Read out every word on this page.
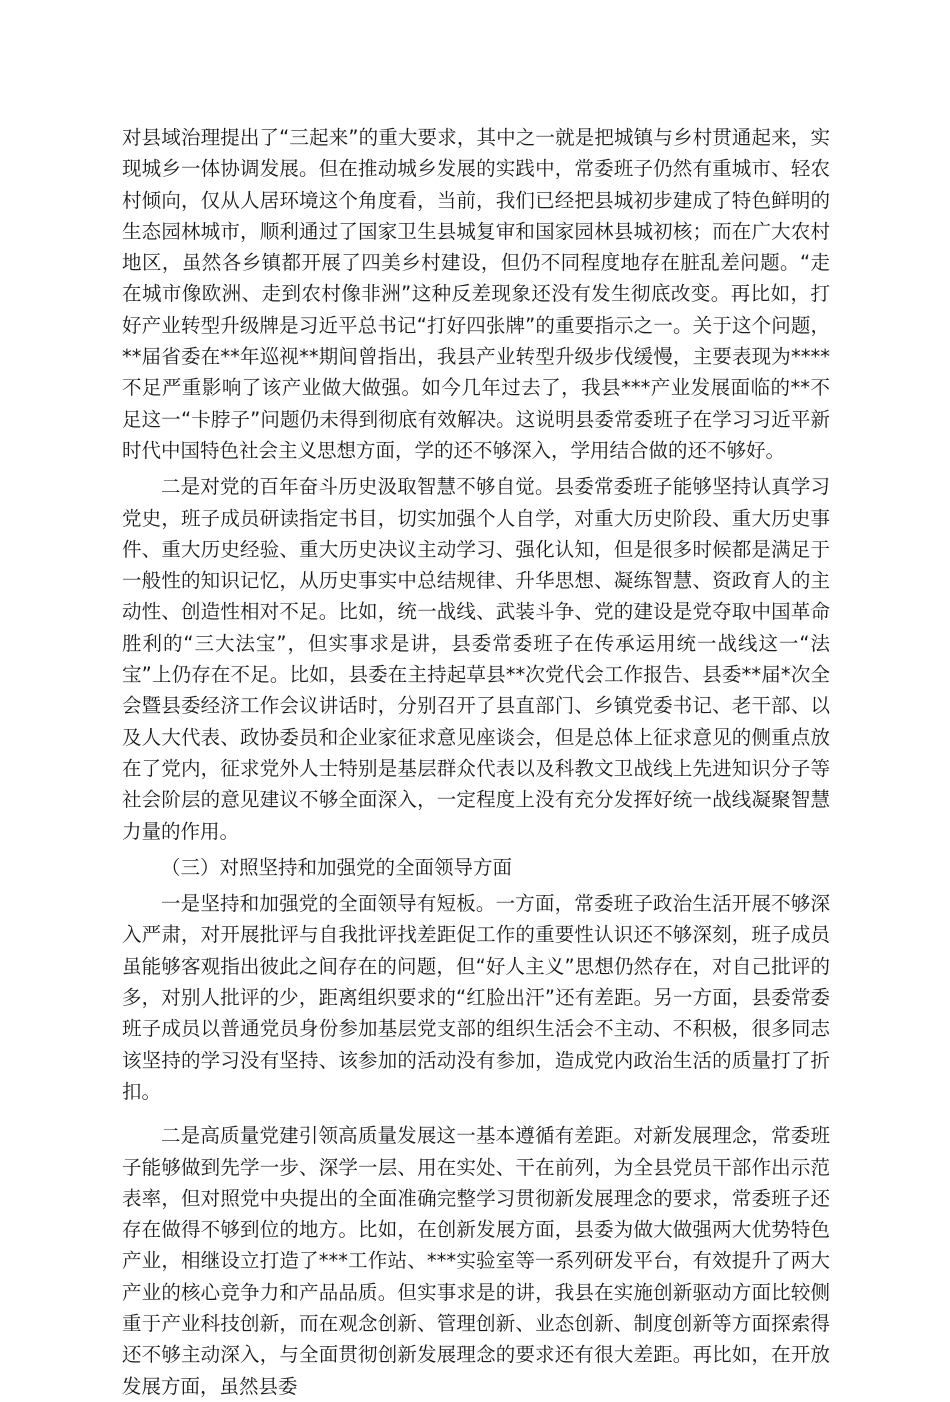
对县域治理提出了“三起来”的重大要求，其中之一就是把城镇与乡村贯通起来，实现城乡一体协调发展。但在推动城乡发展的实践中，常委班子仍然有重城市、轻农村倾向，仅从人居环境这个角度看，当前，我们已经把县城初步建成了特色鲜明的生态园林城市，顺利通过了国家卫生县城复审和国家园林县城初核；而在广大农村地区，虽然各乡镇都开展了四美乡村建设，但仍不同程度地存在脏乱差问题。“走在城市像欧洲、走到农村像非洲”这种反差现象还没有发生彻底改变。再比如，打好产业转型升级牌是习近平总书记“打好四张牌”的重要指示之一。关于这个问题，**届省委在**年巡视**期间曾指出，我县产业转型升级步伐缓慢，主要表现为****不足严重影响了该产业做大做强。如今几年过去了，我县***产业发展面临的**不足这一“卡脖子”问题仍未得到彻底有效解决。这说明县委常委班子在学习习近平新时代中国特色社会主义思想方面，学的还不够深入，学用结合做的还不够好。

二是对党的百年奋斗历史汲取智慧不够自觉。县委常委班子能够坚持认真学习党史，班子成员研读指定书目，切实加强个人自学，对重大历史阶段、重大历史事件、重大历史经验、重大历史决议主动学习、强化认知，但是很多时候都是满足于一般性的知识记忆，从历史事实中总结规律、升华思想、凝练智慧、资政育人的主动性、创造性相对不足。比如，统一战线、武装斗争、党的建设是党夺取中国革命胜利的“三大法宝”，但实事求是讲，县委常委班子在传承运用统一战线这一“法宝”上仍存在不足。比如，县委在主持起草县**次党代会工作报告、县委**届*次全会暨县委经济工作会议讲话时，分别召开了县直部门、乡镇党委书记、老干部、以及人大代表、政协委员和企业家征求意见座谈会，但是总体上征求意见的侧重点放在了党内，征求党外人士特别是基层群众代表以及科教文卫战线上先进知识分子等社会阶层的意见建议不够全面深入，一定程度上没有充分发挥好统一战线凝聚智慧力量的作用。

（三）对照坚持和加强党的全面领导方面

一是坚持和加强党的全面领导有短板。一方面，常委班子政治生活开展不够深入严肃，对开展批评与自我批评找差距促工作的重要性认识还不够深刻，班子成员虽能够客观指出彼此之间存在的问题，但“好人主义”思想仍然存在，对自己批评的多，对别人批评的少，距离组织要求的“红脸出汗”还有差距。另一方面，县委常委班子成员以普通党员身份参加基层党支部的组织生活会不主动、不积极，很多同志该坚持的学习没有坚持、该参加的活动没有参加，造成党内政治生活的质量打了折扣。

二是高质量党建引领高质量发展这一基本遵循有差距。对新发展理念，常委班子能够做到先学一步、深学一层、用在实处、干在前列，为全县党员干部作出示范表率，但对照党中央提出的全面准确完整学习贯彻新发展理念的要求，常委班子还存在做得不够到位的地方。比如，在创新发展方面，县委为做大做强两大优势特色产业，相继设立打造了***工作站、***实验室等一系列研发平台，有效提升了两大产业的核心竞争力和产品品质。但实事求是的讲，我县在实施创新驱动方面比较侧重于产业科技创新，而在观念创新、管理创新、业态创新、制度创新等方面探索得还不够主动深入，与全面贯彻创新发展理念的要求还有很大差距。再比如，在开放发展方面，虽然县委
